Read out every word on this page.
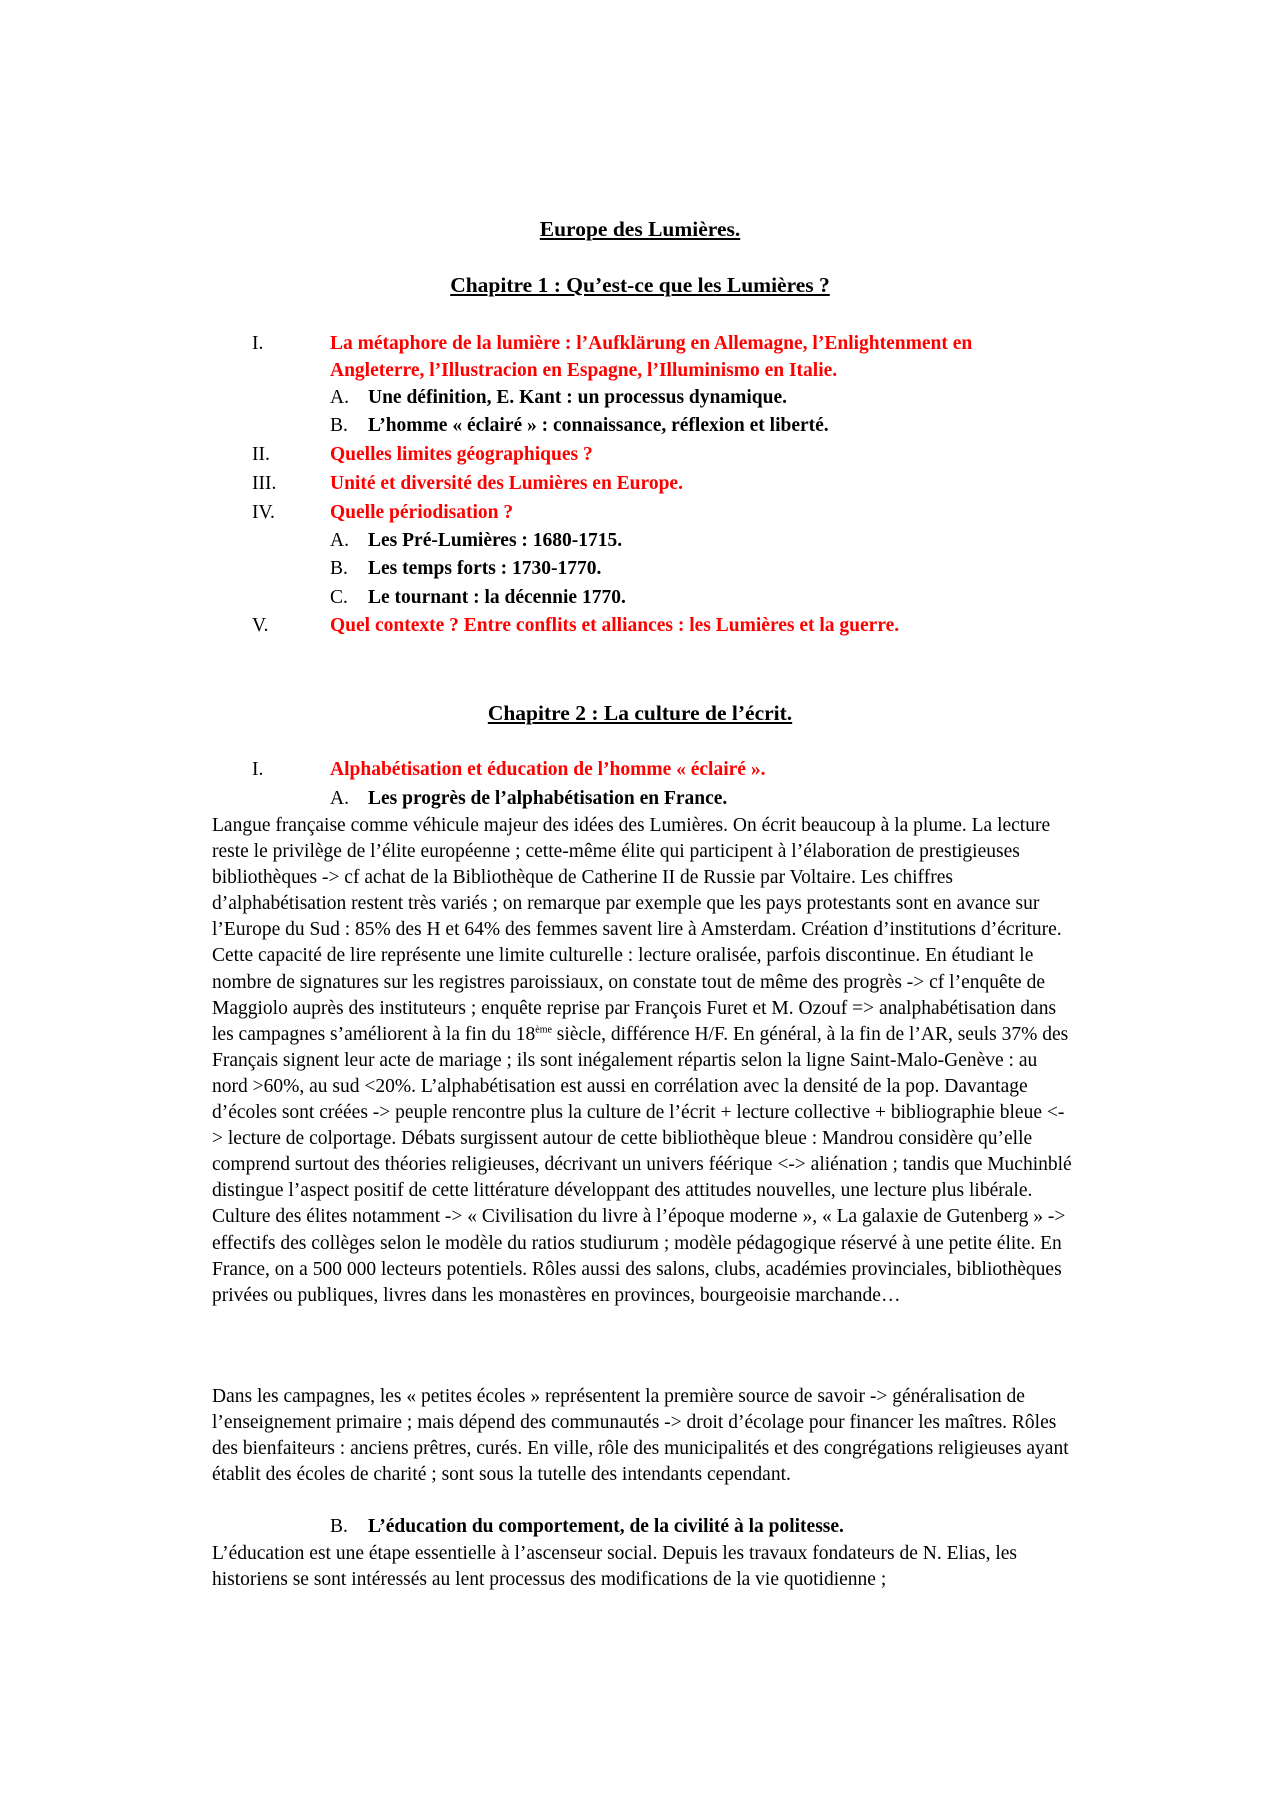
Europe des Lumières.
Chapitre 1 : Qu’est-ce que les Lumières ?
I.	La métaphore de la lumière : l’Aufklärung en Allemagne, l’Enlightenment en Angleterre, l’Illustracion en Espagne, l’Illuminismo en Italie.
A. Une définition, E. Kant : un processus dynamique.
B. L’homme « éclairé » : connaissance, réflexion et liberté.
II.	Quelles limites géographiques ?
III.	Unité et diversité des Lumières en Europe.
IV.	Quelle périodisation ?
A. Les Pré-Lumières : 1680-1715.
B. Les temps forts : 1730-1770.
C. Le tournant : la décennie 1770.
V.	Quel contexte ? Entre conflits et alliances : les Lumières et la guerre.
Chapitre 2 : La culture de l’écrit.
I.	Alphabétisation et éducation de l’homme « éclairé ».
A. Les progrès de l’alphabétisation en France.
Langue française comme véhicule majeur des idées des Lumières. On écrit beaucoup à la plume. La lecture reste le privilège de l’élite européenne ; cette-même élite qui participent à l’élaboration de prestigieuses bibliothèques -> cf achat de la Bibliothèque de Catherine II de Russie par Voltaire. Les chiffres d’alphabétisation restent très variés ; on remarque par exemple que les pays protestants sont en avance sur l’Europe du Sud : 85% des H et 64% des femmes savent lire à Amsterdam. Création d’institutions d’écriture. Cette capacité de lire représente une limite culturelle : lecture oralisée, parfois discontinue. En étudiant le nombre de signatures sur les registres paroissiaux, on constate tout de même des progrès -> cf l’enquête de Maggiolo auprès des instituteurs ; enquête reprise par François Furet et M. Ozouf => analphabétisation dans les campagnes s’améliorent à la fin du 18ème siècle, différence H/F. En général, à la fin de l’AR, seuls 37% des Français signent leur acte de mariage ; ils sont inégalement répartis selon la ligne Saint-Malo-Genève : au nord >60%, au sud <20%. L’alphabétisation est aussi en corrélation avec la densité de la pop. Davantage d’écoles sont créées -> peuple rencontre plus la culture de l’écrit + lecture collective + bibliographie bleue <-> lecture de colportage. Débats surgissent autour de cette bibliothèque bleue : Mandrou considère qu’elle comprend surtout des théories religieuses, décrivant un univers féérique <-> aliénation ; tandis que Muchinblé distingue l’aspect positif de cette littérature développant des attitudes nouvelles, une lecture plus libérale. Culture des élites notamment -> « Civilisation du livre à l’époque moderne », « La galaxie de Gutenberg » -> effectifs des collèges selon le modèle du ratios studiurum ; modèle pédagogique réservé à une petite élite. En France, on a 500 000 lecteurs potentiels. Rôles aussi des salons, clubs, académies provinciales, bibliothèques privées ou publiques, livres dans les monastères en provinces, bourgeoisie marchande…
Dans les campagnes, les « petites écoles » représentent la première source de savoir -> généralisation de l’enseignement primaire ; mais dépend des communautés -> droit d’écolage pour financer les maîtres. Rôles des bienfaiteurs : anciens prêtres, curés. En ville, rôle des municipalités et des congrégations religieuses ayant établit des écoles de charité ; sont sous la tutelle des intendants cependant.
B. L’éducation du comportement, de la civilité à la politesse.
L’éducation est une étape essentielle à l’ascenseur social. Depuis les travaux fondateurs de N. Elias, les historiens se sont intéressés au lent processus des modifications de la vie quotidienne ;
